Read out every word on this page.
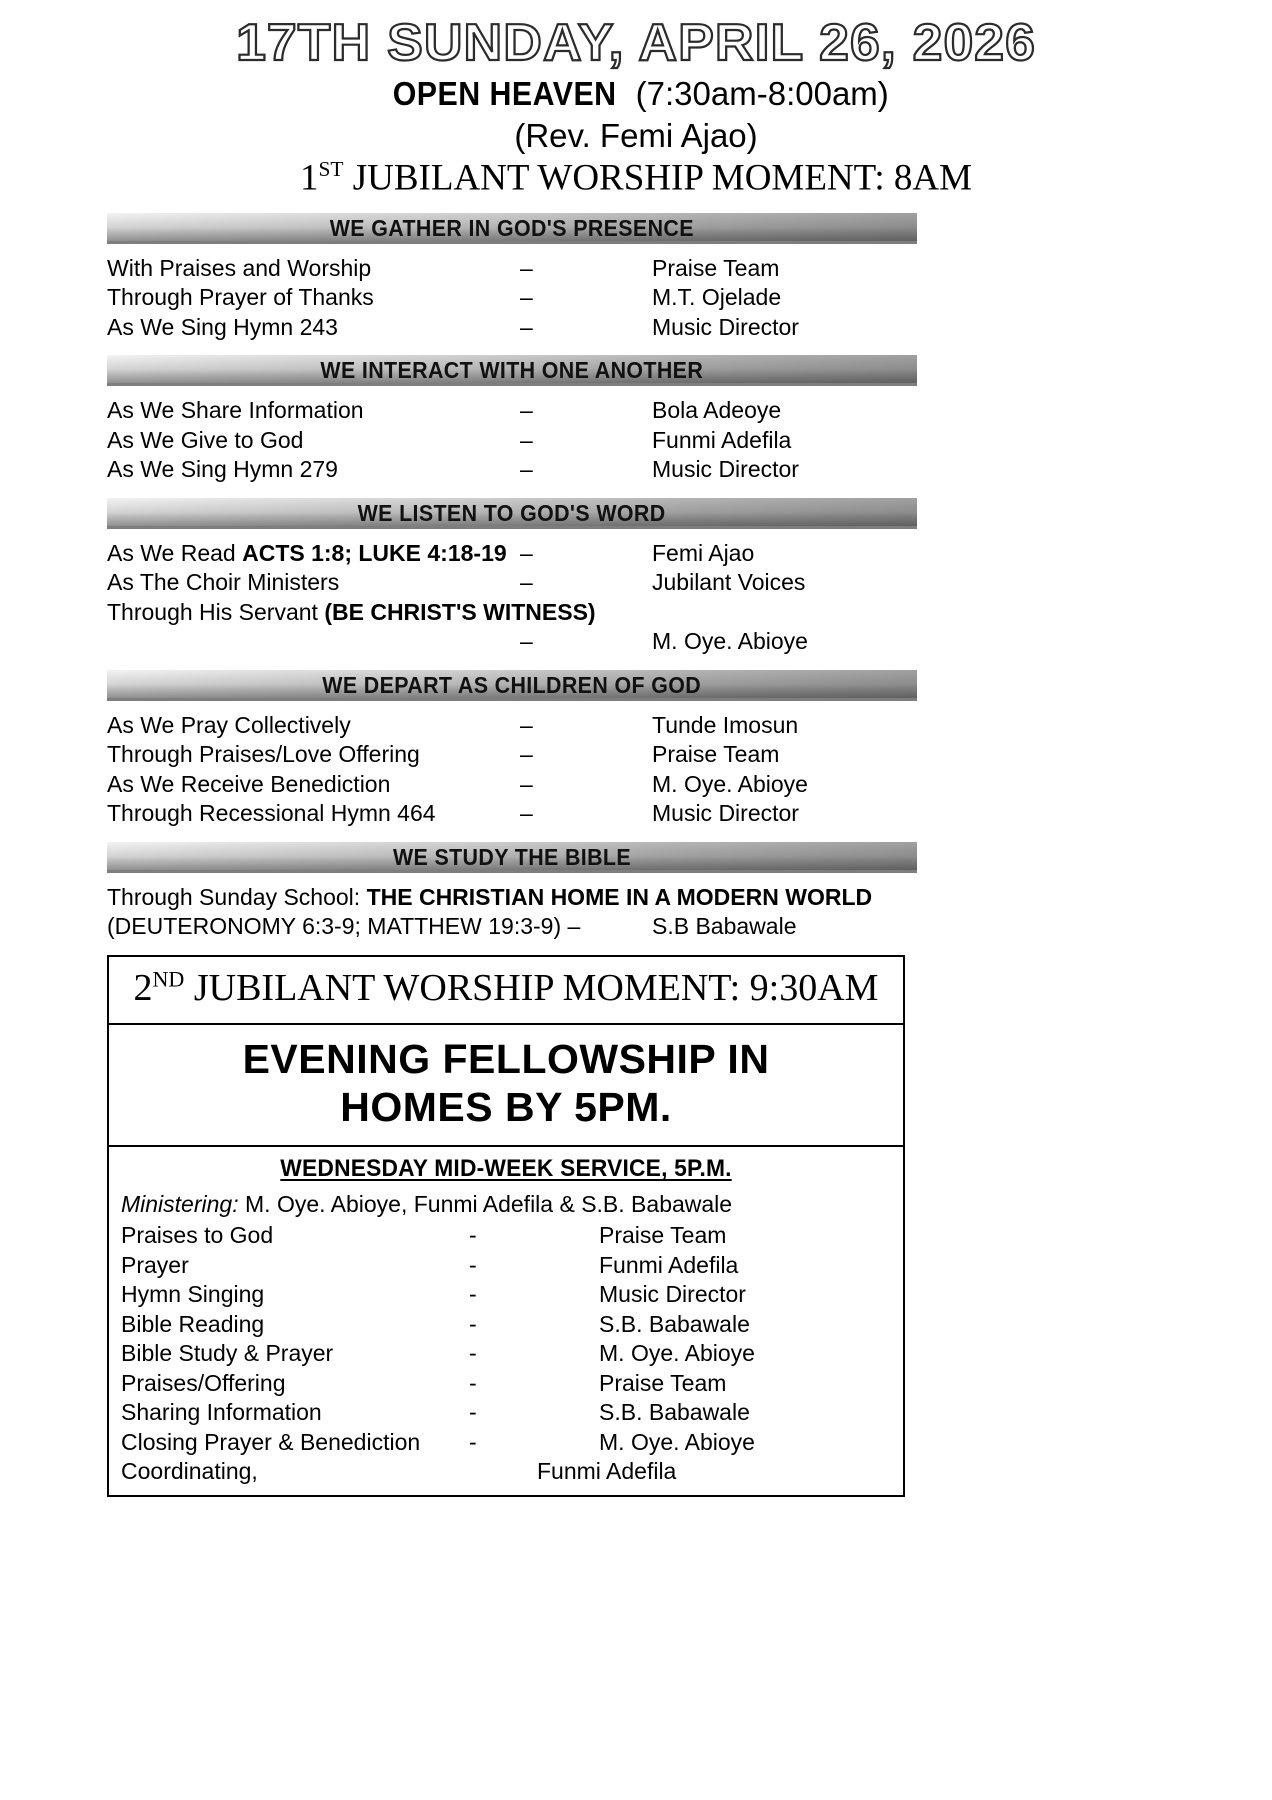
17TH SUNDAY, APRIL 26, 2026
OPEN HEAVEN (7:30am-8:00am)
(Rev. Femi Ajao)
1ST JUBILANT WORSHIP MOMENT: 8AM
WE GATHER IN GOD'S PRESENCE
With Praises and Worship	–	Praise Team
Through Prayer of Thanks	–	M.T. Ojelade
As We Sing Hymn 243	–	Music Director
WE INTERACT WITH ONE ANOTHER
As We Share Information	–	Bola Adeoye
As We Give to God	–	Funmi Adefila
As We Sing Hymn 279	–	Music Director
WE LISTEN TO GOD'S WORD
As We Read ACTS 1:8; LUKE 4:18-19 –	Femi Ajao
As The Choir Ministers	–	Jubilant Voices
Through His Servant (BE CHRIST'S WITNESS)
–	M. Oye. Abioye
WE DEPART AS CHILDREN OF GOD
As We Pray Collectively	–	Tunde Imosun
Through Praises/Love Offering	–	Praise Team
As We Receive Benediction	–	M. Oye. Abioye
Through Recessional Hymn 464	–	Music Director
WE STUDY THE BIBLE
Through Sunday School: THE CHRISTIAN HOME IN A MODERN WORLD
(DEUTERONOMY 6:3-9; MATTHEW 19:3-9) –	S.B Babawale
2ND JUBILANT WORSHIP MOMENT: 9:30AM
EVENING FELLOWSHIP IN
HOMES BY 5PM.
WEDNESDAY MID-WEEK SERVICE, 5P.M.
Ministering: M. Oye. Abioye, Funmi Adefila & S.B. Babawale
Praises to God	-	Praise Team
Prayer	-	Funmi Adefila
Hymn Singing	-	Music Director
Bible Reading	-	S.B. Babawale
Bible Study & Prayer	-	M. Oye. Abioye
Praises/Offering	-	Praise Team
Sharing Information	-	S.B. Babawale
Closing Prayer & Benediction -	M. Oye. Abioye
Coordinating,	Funmi Adefila
